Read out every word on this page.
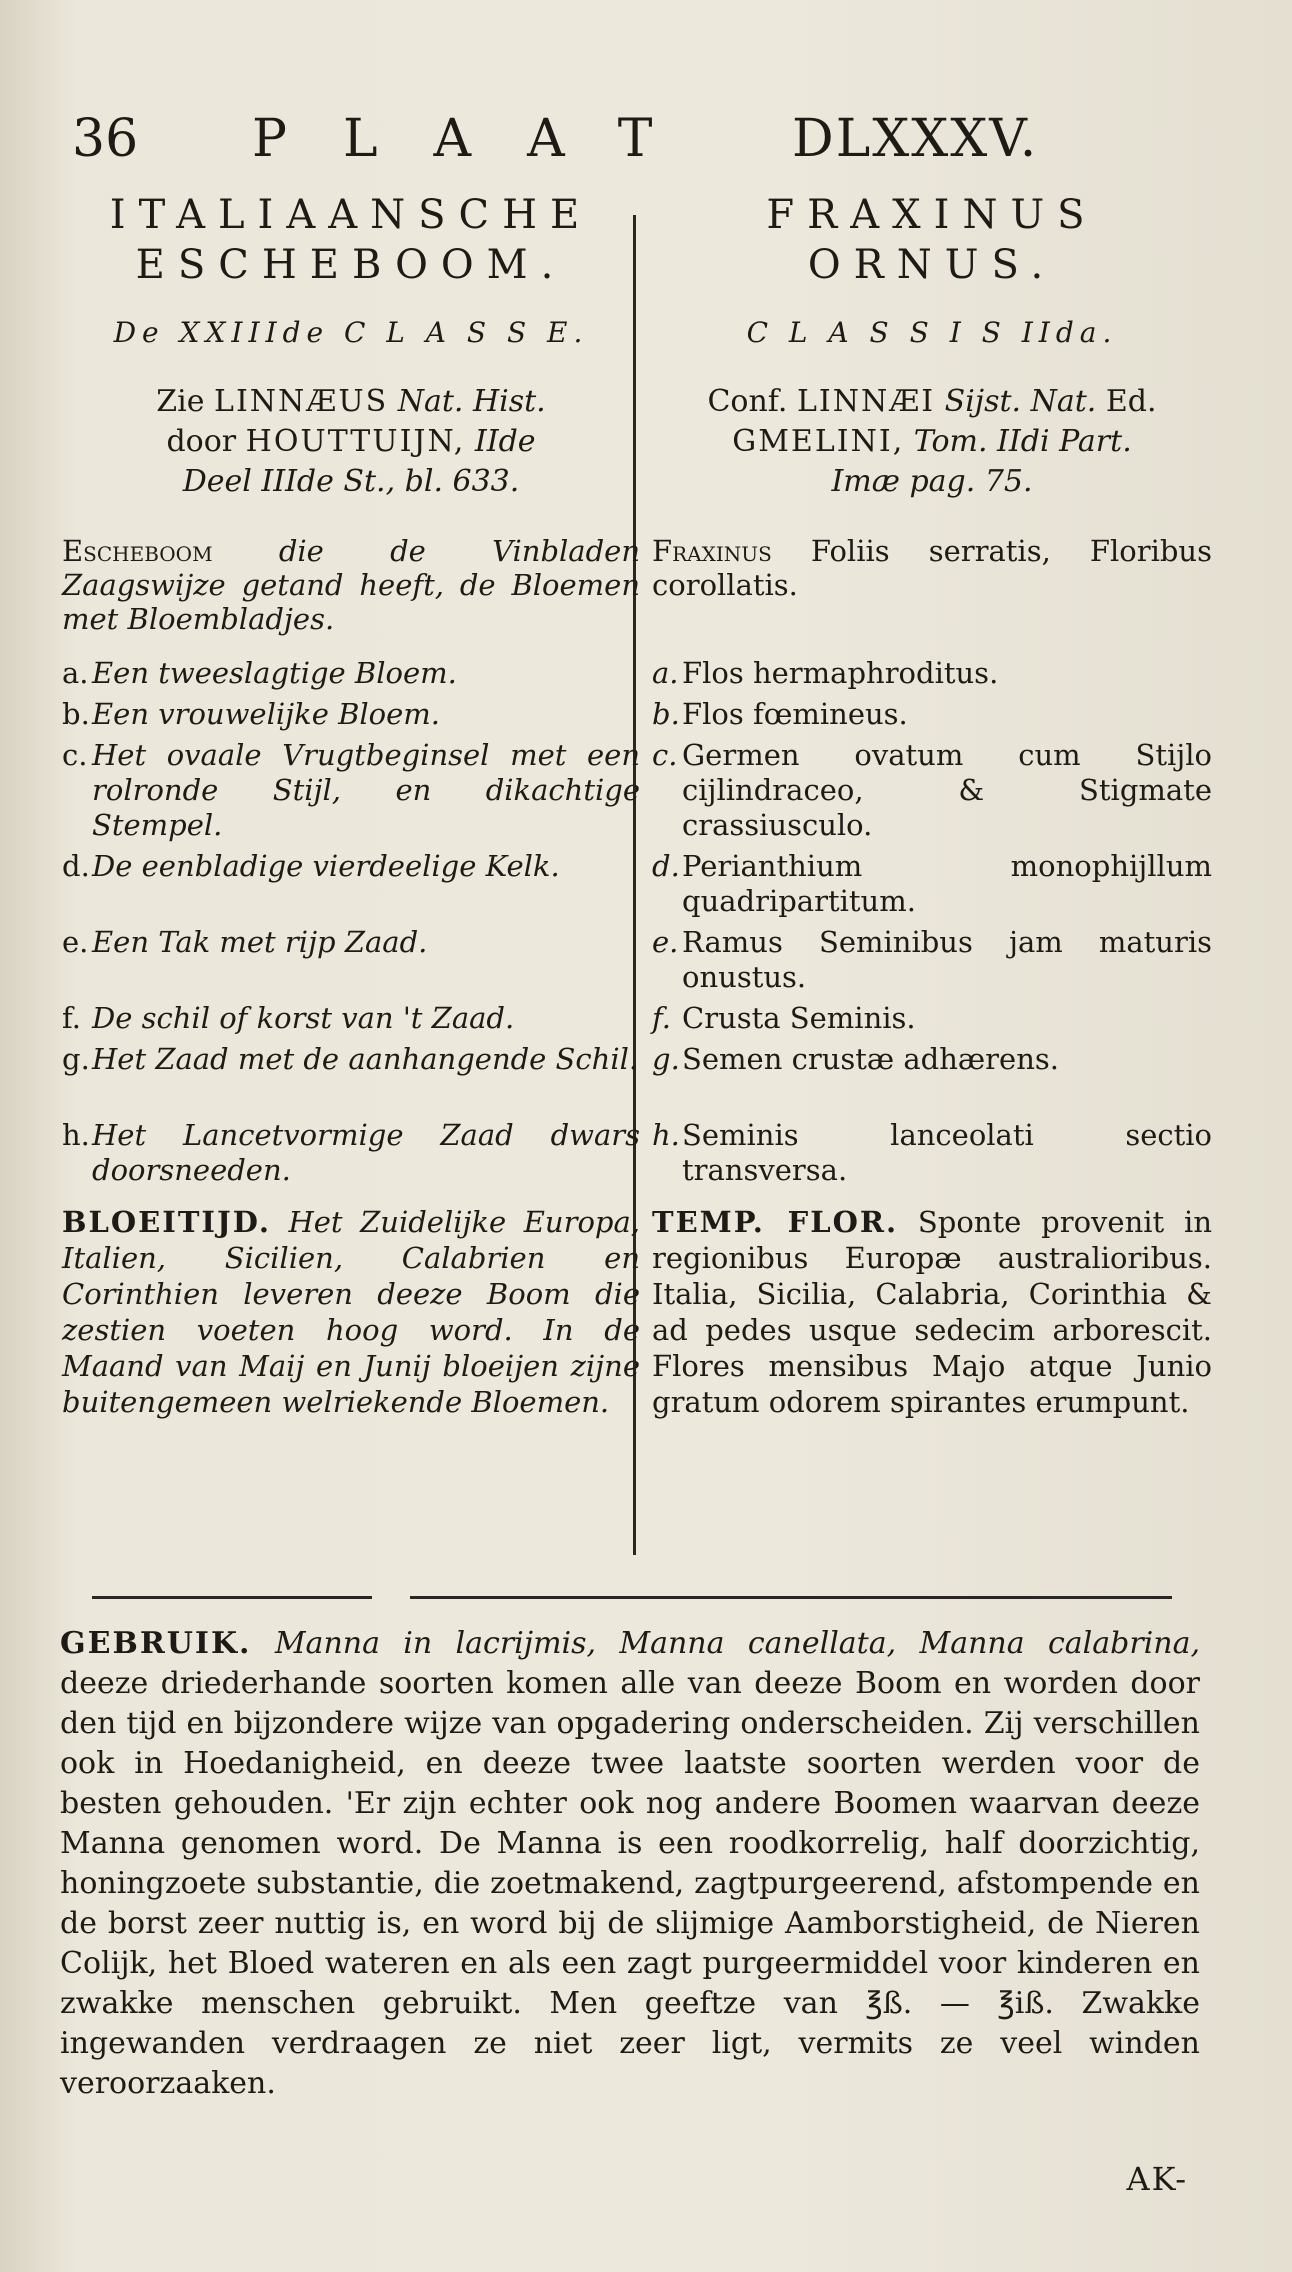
36 PLAAT DLXXXV.
ITALIAANSCHE
ESCHEBOOM.
De XXIIIde C L A S S E.
Zie LINNÆUS Nat. Hist.
door HOUTTUIJN, IIde
Deel IIIde St., bl. 633.
Escheboom die de Vinbladen Zaagswijze getand heeft, de Bloemen met Bloembladjes.
a. Een tweeslagtige Bloem.
b. Een vrouwelijke Bloem.
c. Het ovaale Vrugtbeginsel met een rolronde Stijl, en dikachtige Stempel.
d. De eenbladige vierdeelige Kelk.
e. Een Tak met rijp Zaad.
f. De schil of korst van 't Zaad.
g. Het Zaad met de aanhangende Schil.
h. Het Lancetvormige Zaad dwars doorsneeden.
BLOEITIJD. Het Zuidelijke Europa, Italien, Sicilien, Calabrien en Corinthien leveren deeze Boom die zestien voeten hoog word. In de Maand van Maij en Junij bloeijen zijne buitengemeen welriekende Bloemen.
FRAXINUS
ORNUS.
C L A S S I S IIda.
Conf. LINNÆI Sijst. Nat. Ed.
GMELINI, Tom. IIdi Part.
Imæ pag. 75.
Fraxinus Foliis serratis, Floribus corollatis.
a. Flos hermaphroditus.
b. Flos fœmineus.
c. Germen ovatum cum Stijlo cijlindraceo, & Stigmate crassiusculo.
d. Perianthium monophijllum quadripartitum.
e. Ramus Seminibus jam maturis onustus.
f. Crusta Seminis.
g. Semen crustæ adhærens.
h. Seminis lanceolati sectio transversa.
TEMP. FLOR. Sponte provenit in regionibus Europæ australioribus. Italia, Sicilia, Calabria, Corinthia & ad pedes usque sedecim arborescit. Flores mensibus Majo atque Junio gratum odorem spirantes erumpunt.
GEBRUIK. Manna in lacrijmis, Manna canellata, Manna calabrina, deeze driederhande soorten komen alle van deeze Boom en worden door den tijd en bijzondere wijze van opgadering onderscheiden. Zij verschillen ook in Hoedanigheid, en deeze twee laatste soorten werden voor de besten gehouden. 'Er zijn echter ook nog andere Boomen waarvan deeze Manna genomen word. De Manna is een roodkorrelig, half doorzichtig, honingzoete substantie, die zoetmakend, zagtpurgeerend, afstompende en de borst zeer nuttig is, en word bij de slijmige Aamborstigheid, de Nieren Colijk, het Bloed wateren en als een zagt purgeermiddel voor kinderen en zwakke menschen gebruikt. Men geeftze van ℥ß. — ℥iß. Zwakke ingewanden verdraagen ze niet zeer ligt, vermits ze veel winden veroorzaaken.
AK-
